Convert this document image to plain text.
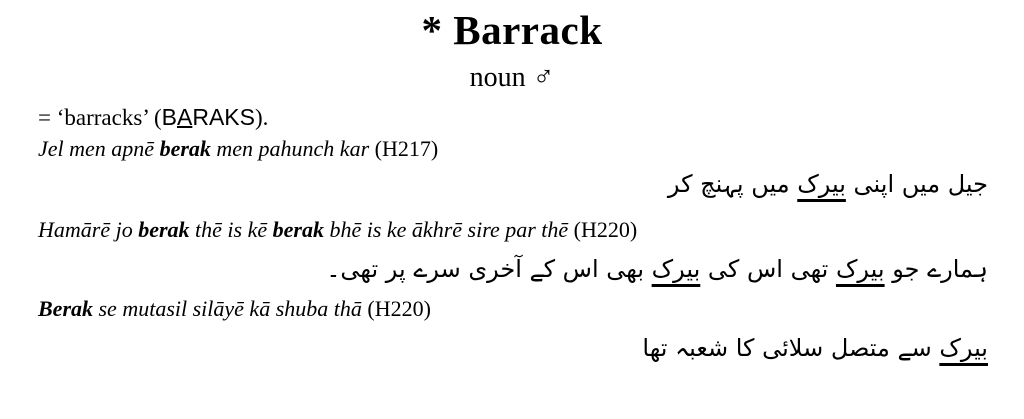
* Barrack
noun ♂

= ‘barracks’ (BARAKS).

Jel men apnē berak men pahunch kar (H217)

جیل میں اپنی بیرک میں پہنچ کر

Hamārē jo berak thē is kē berak bhē is ke ākhrē sire par thē (H220)

ہمارے جو بیرک تھی اس کی بیرک بھی اس کے آخری سرے پر تھی۔

Berak se mutasil silāyē kā shuba thā (H220)

بیرک سے متصل سلائی کا شعبہ تھا
